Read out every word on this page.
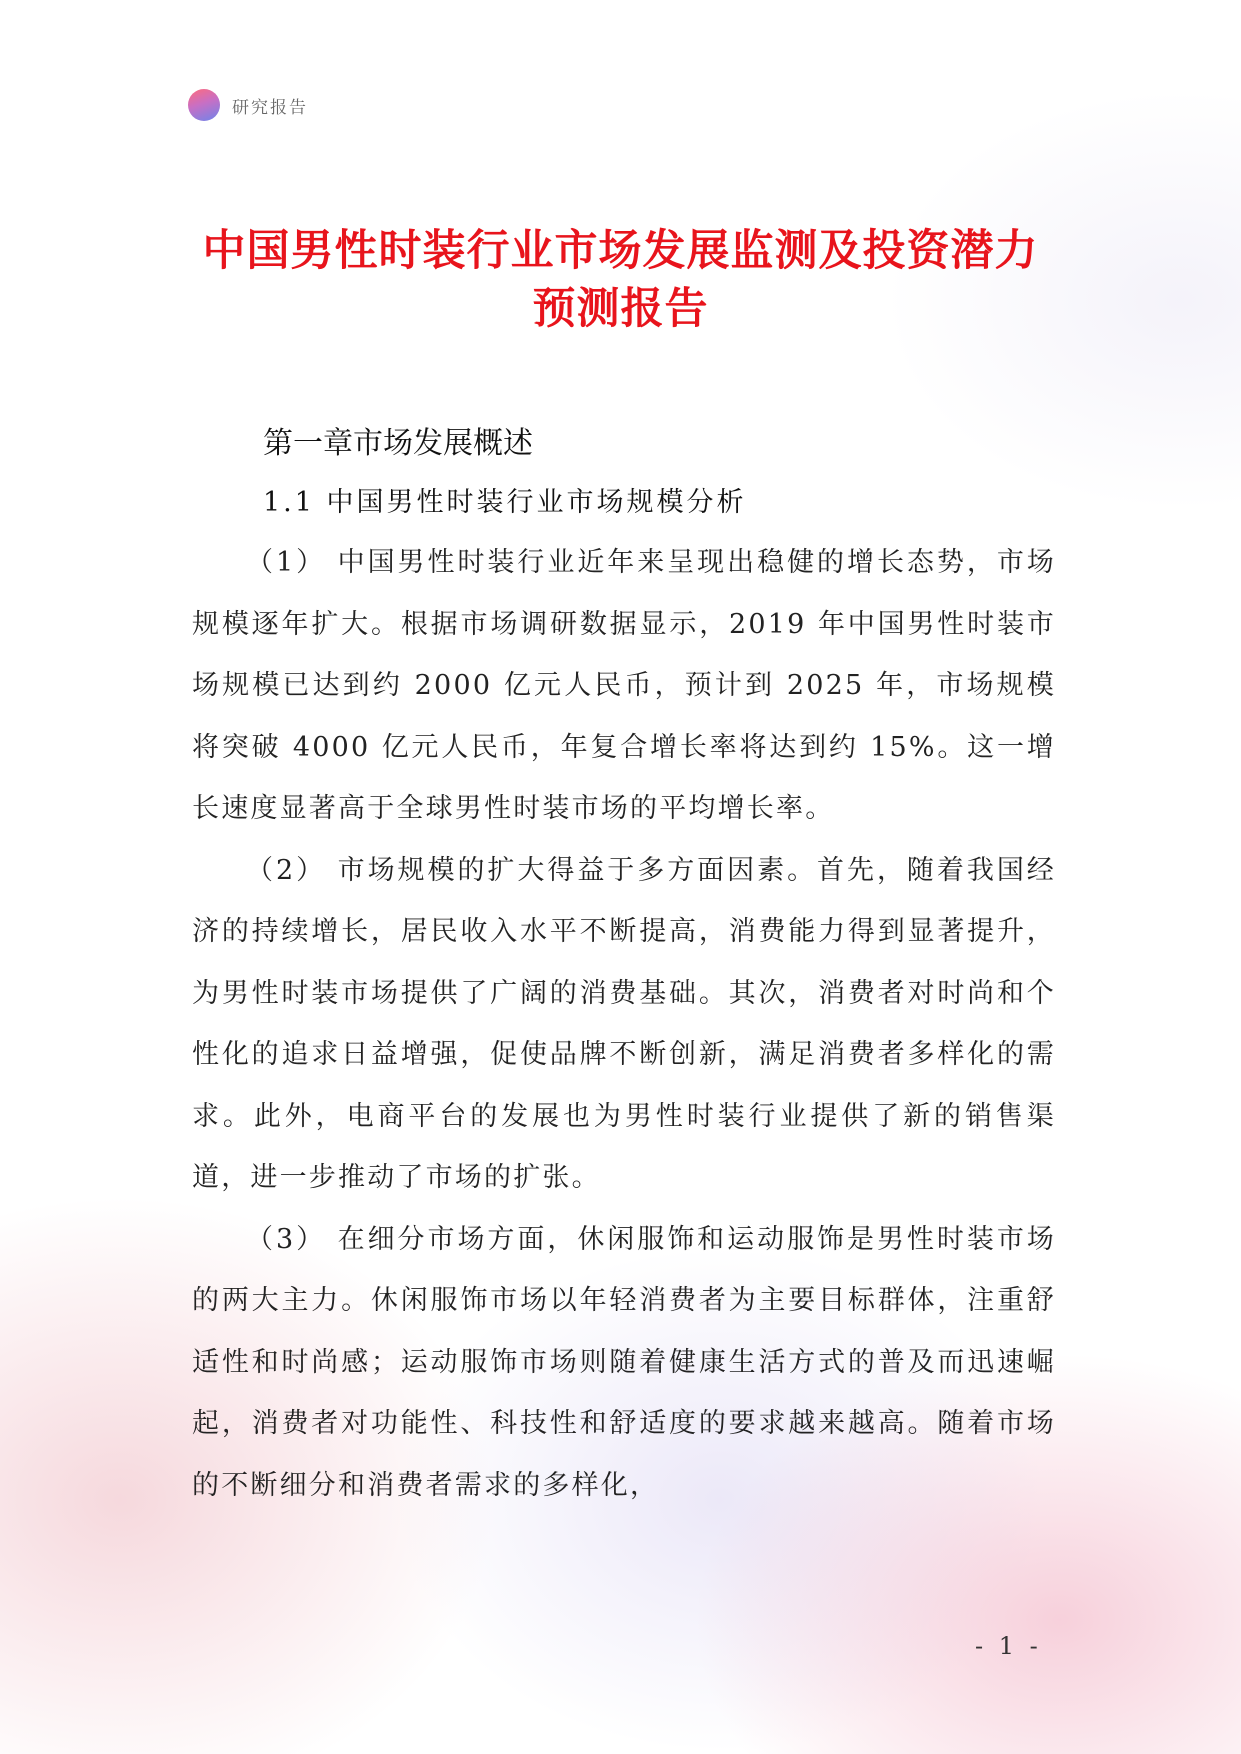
研究报告
中国男性时装行业市场发展监测及投资潜力预测报告
第一章市场发展概述
1.1 中国男性时装行业市场规模分析

（1） 中国男性时装行业近年来呈现出稳健的增长态势，市场规模逐年扩大。根据市场调研数据显示，2019 年中国男性时装市场规模已达到约 2000 亿元人民币，预计到 2025 年，市场规模将突破 4000 亿元人民币，年复合增长率将达到约 15%。这一增长速度显著高于全球男性时装市场的平均增长率。

（2） 市场规模的扩大得益于多方面因素。首先，随着我国经济的持续增长，居民收入水平不断提高，消费能力得到显著提升，为男性时装市场提供了广阔的消费基础。其次，消费者对时尚和个性化的追求日益增强，促使品牌不断创新，满足消费者多样化的需求。此外，电商平台的发展也为男性时装行业提供了新的销售渠道，进一步推动了市场的扩张。

（3） 在细分市场方面，休闲服饰和运动服饰是男性时装市场的两大主力。休闲服饰市场以年轻消费者为主要目标群体，注重舒适性和时尚感；运动服饰市场则随着健康生活方式的普及而迅速崛起，消费者对功能性、科技性和舒适度的要求越来越高。随着市场的不断细分和消费者需求的多样化，

- 1 -
